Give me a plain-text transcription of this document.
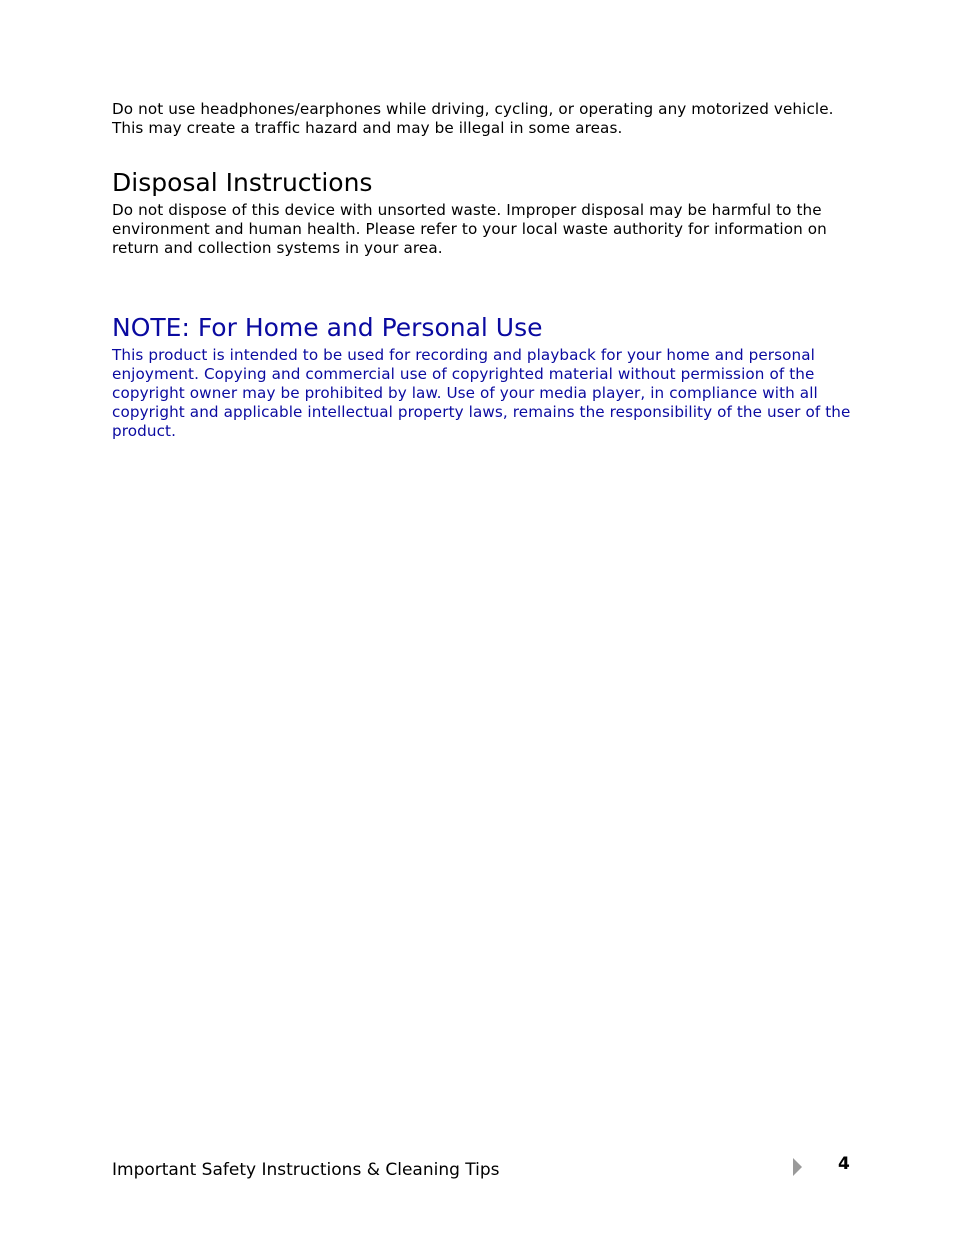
Do not use headphones/earphones while driving, cycling, or operating any motorized vehicle. This may create a traffic hazard and may be illegal in some areas.

Disposal Instructions

Do not dispose of this device with unsorted waste. Improper disposal may be harmful to the environment and human health. Please refer to your local waste authority for information on return and collection systems in your area.

NOTE: For Home and Personal Use

This product is intended to be used for recording and playback for your home and personal enjoyment. Copying and commercial use of copyrighted material without permission of the copyright owner may be prohibited by law. Use of your media player, in compliance with all copyright and applicable intellectual property laws, remains the responsibility of the user of the product.

Important Safety Instructions & Cleaning Tips	4
